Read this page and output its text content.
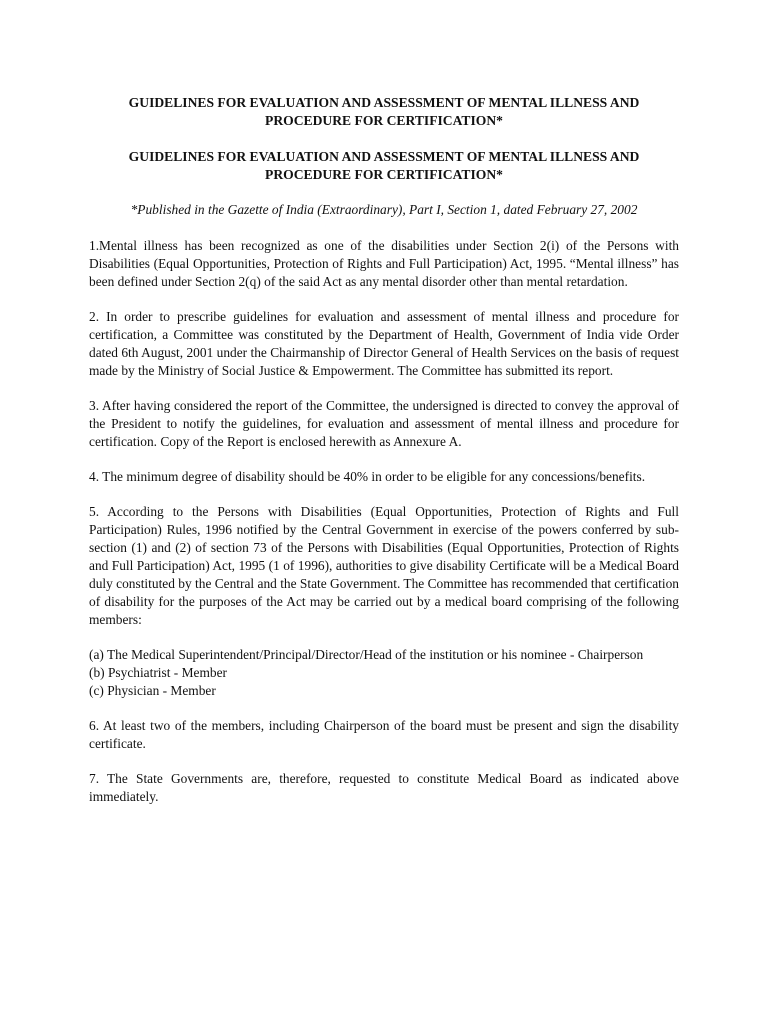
GUIDELINES FOR EVALUATION AND ASSESSMENT OF MENTAL ILLNESS AND PROCEDURE FOR CERTIFICATION*

GUIDELINES FOR EVALUATION AND ASSESSMENT OF MENTAL ILLNESS AND PROCEDURE FOR CERTIFICATION*

*Published in the Gazette of India (Extraordinary), Part I, Section 1, dated February 27, 2002

1.Mental illness has been recognized as one of the disabilities under Section 2(i) of the Persons with Disabilities (Equal Opportunities, Protection of Rights and Full Participation) Act, 1995. “Mental illness” has been defined under Section 2(q) of the said Act as any mental disorder other than mental retardation.

2. In order to prescribe guidelines for evaluation and assessment of mental illness and procedure for certification, a Committee was constituted by the Department of Health, Government of India vide Order dated 6th August, 2001 under the Chairmanship of Director General of Health Services on the basis of request made by the Ministry of Social Justice & Empowerment. The Committee has submitted its report.

3. After having considered the report of the Committee, the undersigned is directed to convey the approval of the President to notify the guidelines, for evaluation and assessment of mental illness and procedure for certification. Copy of the Report is enclosed herewith as Annexure A.

4. The minimum degree of disability should be 40% in order to be eligible for any concessions/benefits.

5. According to the Persons with Disabilities (Equal Opportunities, Protection of Rights and Full Participation) Rules, 1996 notified by the Central Government in exercise of the powers conferred by sub-section (1) and (2) of section 73 of the Persons with Disabilities (Equal Opportunities, Protection of Rights and Full Participation) Act, 1995 (1 of 1996), authorities to give disability Certificate will be a Medical Board duly constituted by the Central and the State Government. The Committee has recommended that certification of disability for the purposes of the Act may be carried out by a medical board comprising of the following members:

(a) The Medical Superintendent/Principal/Director/Head of the institution or his nominee - Chairperson
(b) Psychiatrist - Member
(c) Physician - Member

6. At least two of the members, including Chairperson of the board must be present and sign the disability certificate.

7. The State Governments are, therefore, requested to constitute Medical Board as indicated above immediately.
